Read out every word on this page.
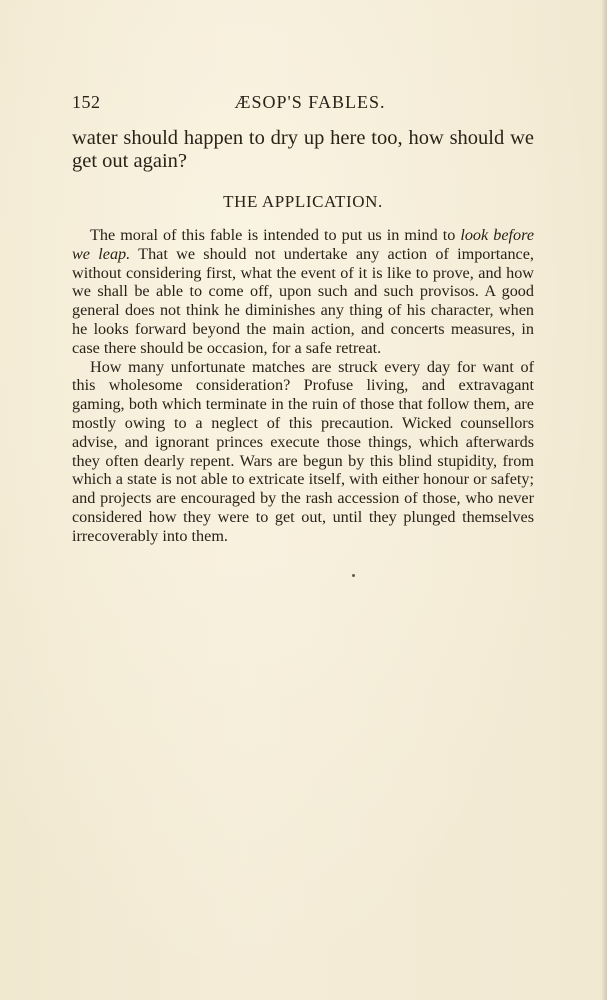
152	ÆSOP'S FABLES.
water should happen to dry up here too, how should we get out again?
THE APPLICATION.

The moral of this fable is intended to put us in mind to look before we leap. That we should not undertake any action of importance, without considering first, what the event of it is like to prove, and how we shall be able to come off, upon such and such provisos. A good general does not think he diminishes any thing of his character, when he looks forward beyond the main action, and concerts measures, in case there should be occasion, for a safe retreat.

How many unfortunate matches are struck every day for want of this wholesome consideration? Profuse living, and extravagant gaming, both which terminate in the ruin of those that follow them, are mostly owing to a neglect of this precaution. Wicked counsellors advise, and ignorant princes execute those things, which afterwards they often dearly repent. Wars are begun by this blind stupidity, from which a state is not able to extricate itself, with either honour or safety; and projects are encouraged by the rash accession of those, who never considered how they were to get out, until they plunged themselves irrecoverably into them.
